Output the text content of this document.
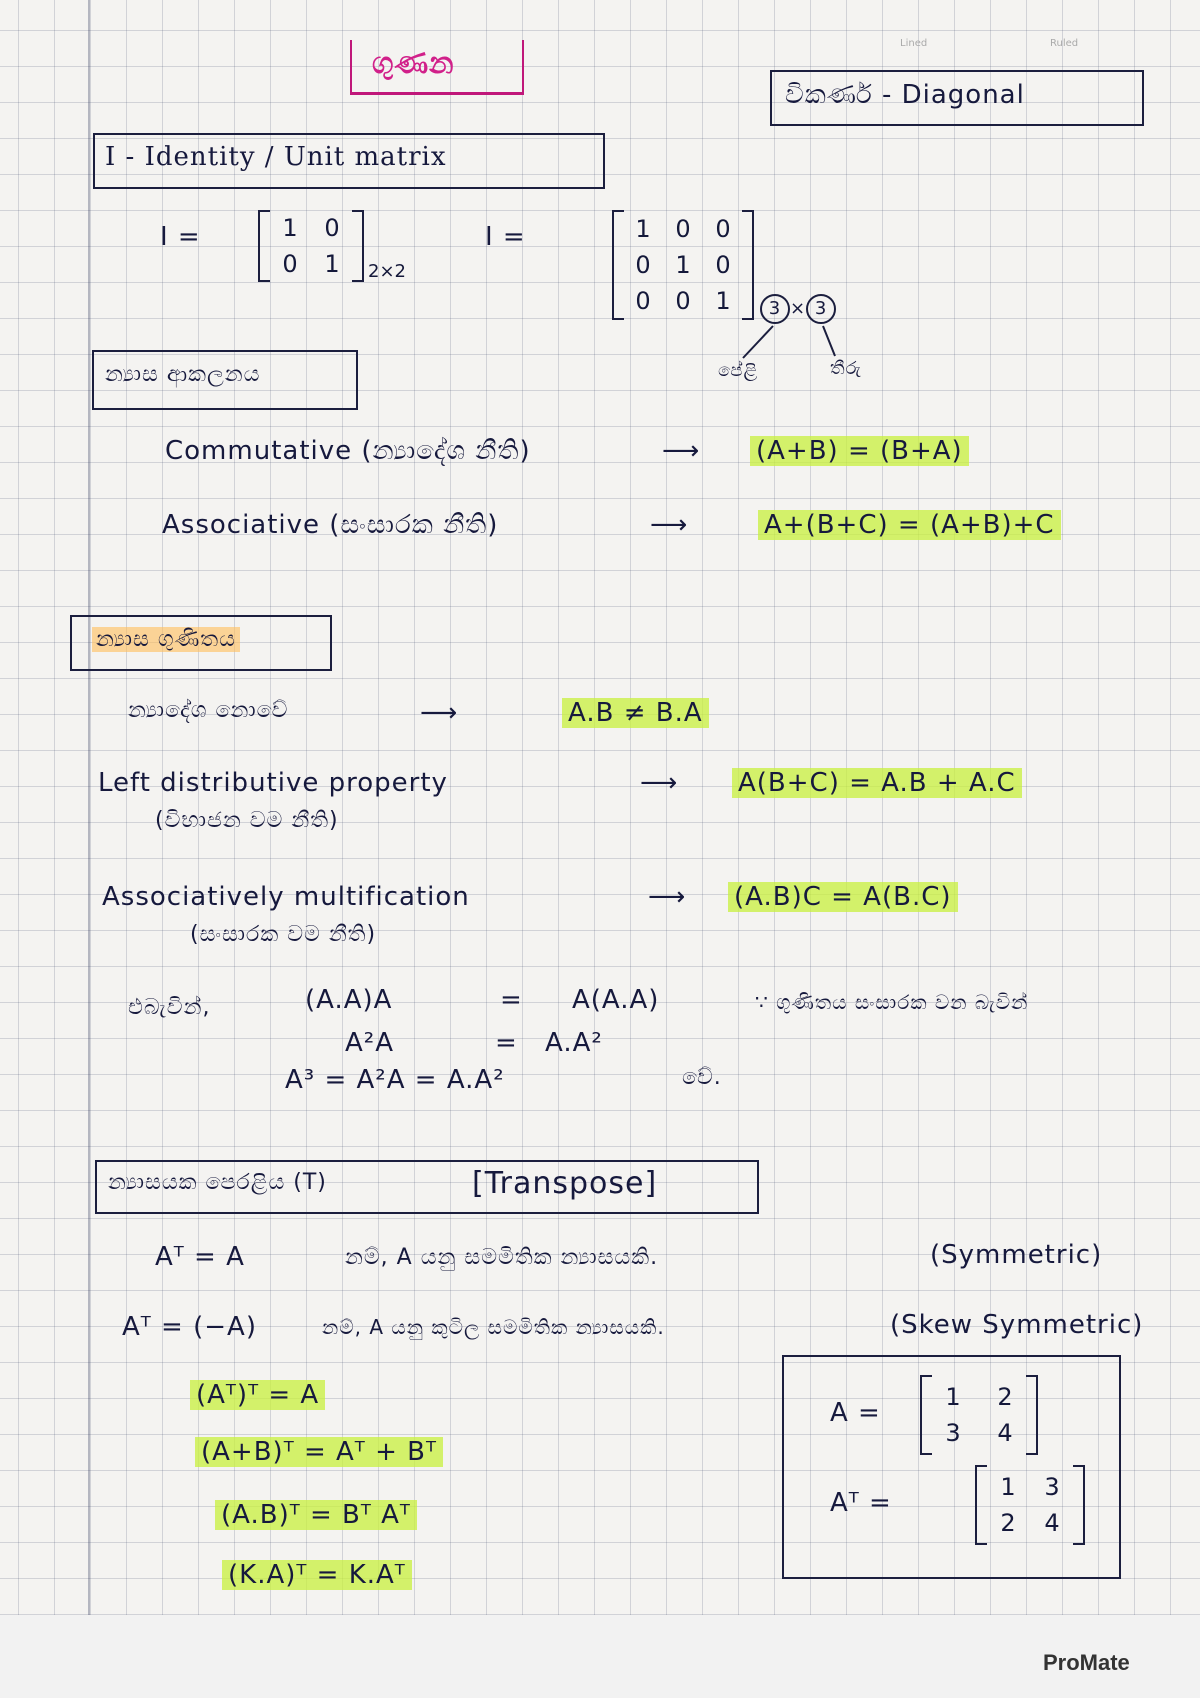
Lined	Ruled
ගුණන
විකර්ණ - Diagonal
I - Identity / Unit matrix
I =	1 0
0 1 2×2
I =	1 0 0
0 1 0
0 0 1	3 × 3
පේළි	තීරු
න්‍යාස ආකලනය
Commutative (න්‍යාදේශ නීති)	⟶ (A+B) = (B+A)
Associative (සංසාරක නීති)	⟶	A+(B+C) = (A+B)+C
න්‍යාස ගුණිතය
න්‍යාදේශ නොවේ	⟶	A.B ≠ B.A
Left distributive property	⟶ A(B+C) = A.B + A.C
(විභාජන වම නීති)
Associatively multification	⟶ (A.B)C = A(B.C)
(සංසාරක වම නීති)
එබැවින්,	(A.A)A	= A(A.A)	∵ ගුණිතය සංසාරක වන බැවින්
A²A	= A.A²
A³ = A²A = A.A²	වේ.
න්‍යාසයක පෙරළිය (T)	[Transpose]
Aᵀ = A	නම්, A යනු සමමිතික න්‍යාසයකි.	(Symmetric)
Aᵀ = (−A)	නම්, A යනු කුටිල සමමිතික න්‍යාසයකි.	(Skew Symmetric)
(Aᵀ)ᵀ = A
(A+B)ᵀ = Aᵀ + Bᵀ
(A.B)ᵀ = Bᵀ Aᵀ
(K.A)ᵀ = K.Aᵀ
A =
1 2
3 4
Aᵀ =
1 3
2 4
ProMate
